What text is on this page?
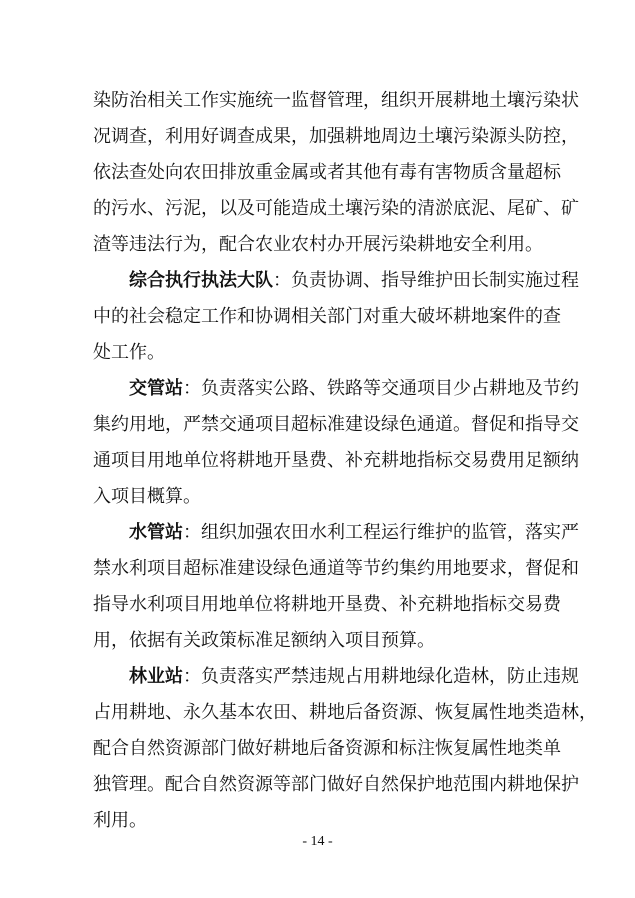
染防治相关工作实施统一监督管理，组织开展耕地土壤污染状
况调查，利用好调查成果，加强耕地周边土壤污染源头防控，
依法查处向农田排放重金属或者其他有毒有害物质含量超标
的污水、污泥，以及可能造成土壤污染的清淤底泥、尾矿、矿
渣等违法行为，配合农业农村办开展污染耕地安全利用。
综合执行执法大队：负责协调、指导维护田长制实施过程
中的社会稳定工作和协调相关部门对重大破坏耕地案件的查
处工作。
交管站：负责落实公路、铁路等交通项目少占耕地及节约
集约用地，严禁交通项目超标准建设绿色通道。督促和指导交
通项目用地单位将耕地开垦费、补充耕地指标交易费用足额纳
入项目概算。
水管站：组织加强农田水利工程运行维护的监管，落实严
禁水利项目超标准建设绿色通道等节约集约用地要求，督促和
指导水利项目用地单位将耕地开垦费、补充耕地指标交易费
用，依据有关政策标准足额纳入项目预算。
林业站：负责落实严禁违规占用耕地绿化造林，防止违规
占用耕地、永久基本农田、耕地后备资源、恢复属性地类造林，
配合自然资源部门做好耕地后备资源和标注恢复属性地类单
独管理。配合自然资源等部门做好自然保护地范围内耕地保护
利用。
- 14 -
